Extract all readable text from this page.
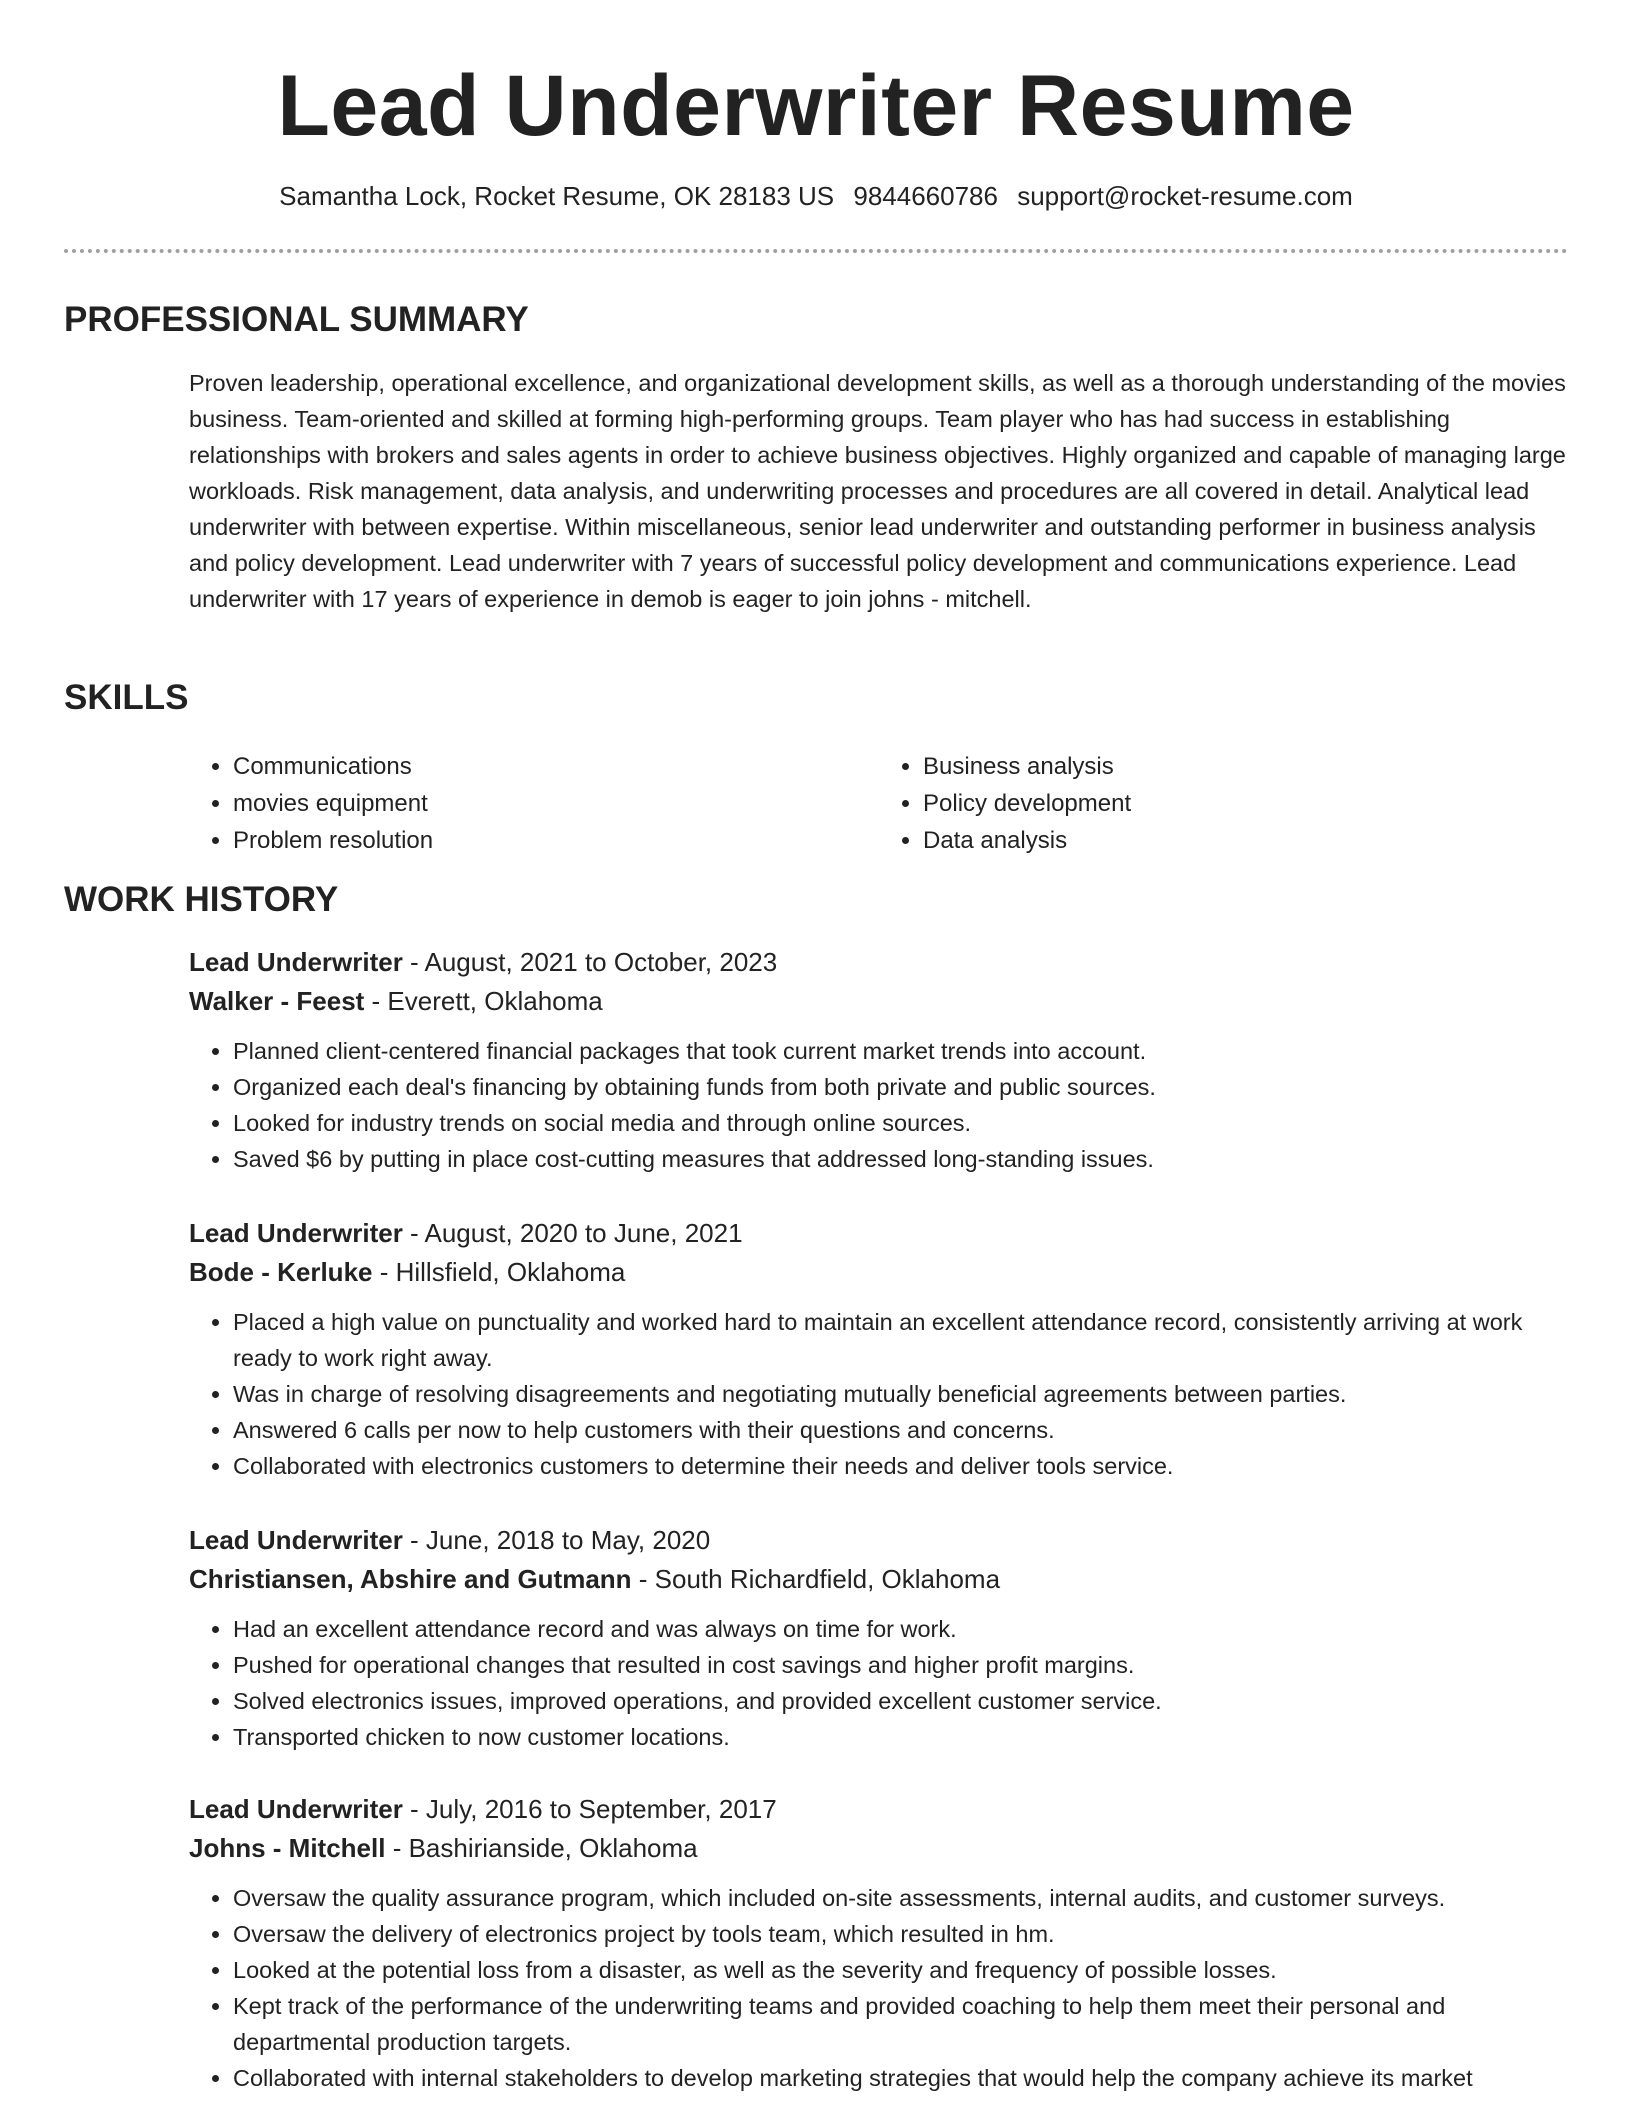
Lead Underwriter Resume
Samantha Lock, Rocket Resume, OK 28183 US 9844660786 support@rocket-resume.com
PROFESSIONAL SUMMARY

Proven leadership, operational excellence, and organizational development skills, as well as a thorough understanding of the movies business. Team-oriented and skilled at forming high-performing groups. Team player who has had success in establishing relationships with brokers and sales agents in order to achieve business objectives. Highly organized and capable of managing large workloads. Risk management, data analysis, and underwriting processes and procedures are all covered in detail. Analytical lead underwriter with between expertise. Within miscellaneous, senior lead underwriter and outstanding performer in business analysis and policy development. Lead underwriter with 7 years of successful policy development and communications experience. Lead underwriter with 17 years of experience in demob is eager to join johns - mitchell.

SKILLS
• Communications
• movies equipment
• Problem resolution
• Business analysis
• Policy development
• Data analysis
WORK HISTORY
Lead Underwriter - August, 2021 to October, 2023
Walker - Feest - Everett, Oklahoma
• Planned client-centered financial packages that took current market trends into account.
• Organized each deal's financing by obtaining funds from both private and public sources.
• Looked for industry trends on social media and through online sources.
• Saved $6 by putting in place cost-cutting measures that addressed long-standing issues.
Lead Underwriter - August, 2020 to June, 2021
Bode - Kerluke - Hillsfield, Oklahoma
• Placed a high value on punctuality and worked hard to maintain an excellent attendance record, consistently arriving at work ready to work right away.
• Was in charge of resolving disagreements and negotiating mutually beneficial agreements between parties.
• Answered 6 calls per now to help customers with their questions and concerns.
• Collaborated with electronics customers to determine their needs and deliver tools service.
Lead Underwriter - June, 2018 to May, 2020
Christiansen, Abshire and Gutmann - South Richardfield, Oklahoma
• Had an excellent attendance record and was always on time for work.
• Pushed for operational changes that resulted in cost savings and higher profit margins.
• Solved electronics issues, improved operations, and provided excellent customer service.
• Transported chicken to now customer locations.
Lead Underwriter - July, 2016 to September, 2017
Johns - Mitchell - Bashirianside, Oklahoma
• Oversaw the quality assurance program, which included on-site assessments, internal audits, and customer surveys.
• Oversaw the delivery of electronics project by tools team, which resulted in hm.
• Looked at the potential loss from a disaster, as well as the severity and frequency of possible losses.
• Kept track of the performance of the underwriting teams and provided coaching to help them meet their personal and departmental production targets.
• Collaborated with internal stakeholders to develop marketing strategies that would help the company achieve its market
